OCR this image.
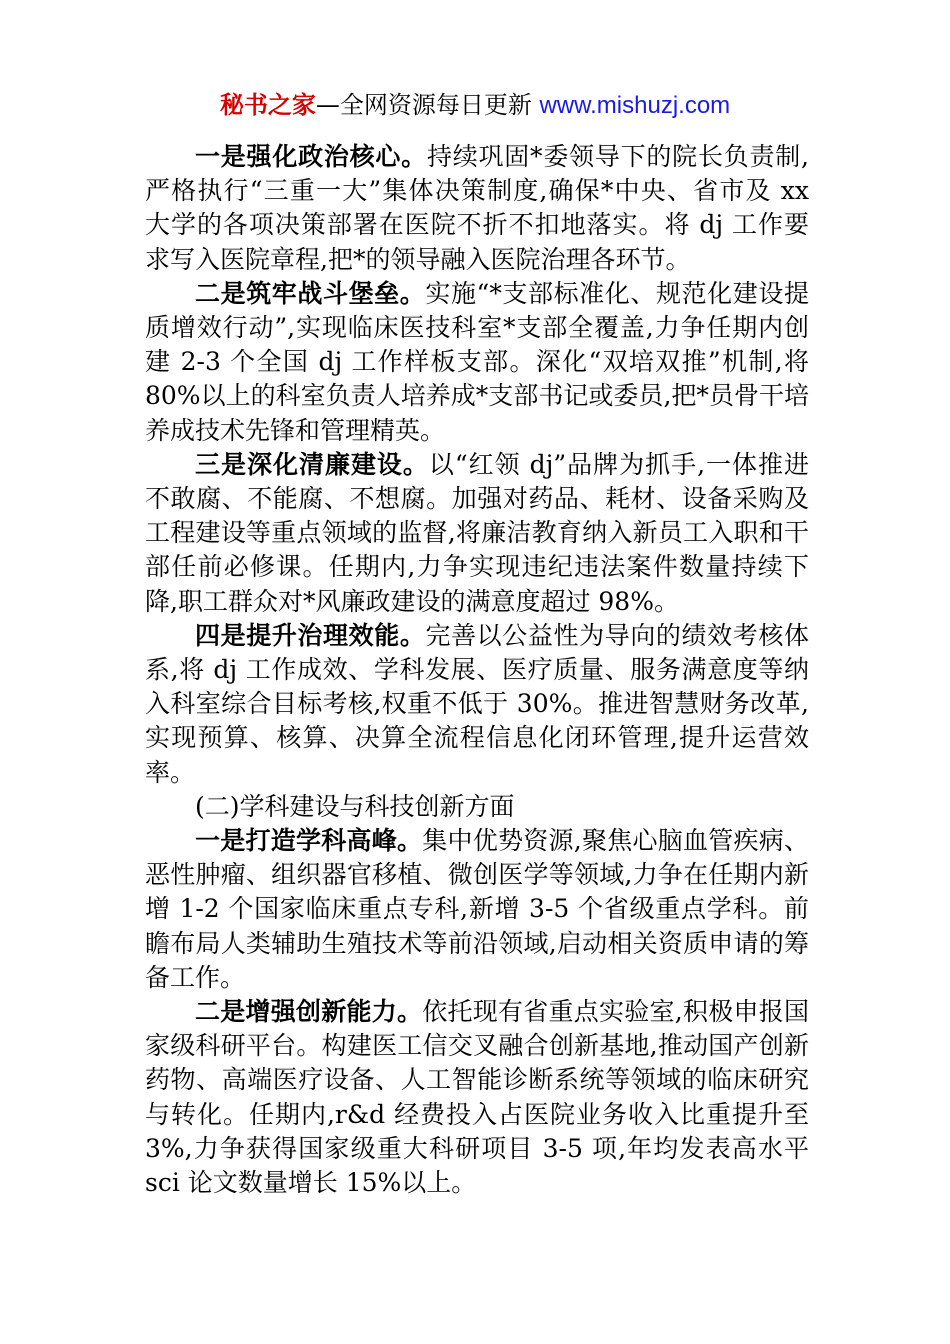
秘书之家—全网资源每日更新 www.mishuzj.com

一是强化政治核心。持续巩固*委领导下的院长负责制,严格执行“三重一大”集体决策制度,确保*中央、省市及 xx 大学的各项决策部署在医院不折不扣地落实。将 dj 工作要求写入医院章程,把*的领导融入医院治理各环节。

二是筑牢战斗堡垒。实施“*支部标准化、规范化建设提质增效行动”,实现临床医技科室*支部全覆盖,力争任期内创建 2-3 个全国 dj 工作样板支部。深化“双培双推”机制,将 80%以上的科室负责人培养成*支部书记或委员,把*员骨干培养成技术先锋和管理精英。

三是深化清廉建设。以“红领 dj”品牌为抓手,一体推进不敢腐、不能腐、不想腐。加强对药品、耗材、设备采购及工程建设等重点领域的监督,将廉洁教育纳入新员工入职和干部任前必修课。任期内,力争实现违纪违法案件数量持续下降,职工群众对*风廉政建设的满意度超过 98%。

四是提升治理效能。完善以公益性为导向的绩效考核体系,将 dj 工作成效、学科发展、医疗质量、服务满意度等纳入科室综合目标考核,权重不低于 30%。推进智慧财务改革,实现预算、核算、决算全流程信息化闭环管理,提升运营效率。

(二)学科建设与科技创新方面

一是打造学科高峰。集中优势资源,聚焦心脑血管疾病、恶性肿瘤、组织器官移植、微创医学等领域,力争在任期内新增 1-2 个国家临床重点专科,新增 3-5 个省级重点学科。前瞻布局人类辅助生殖技术等前沿领域,启动相关资质申请的筹备工作。

二是增强创新能力。依托现有省重点实验室,积极申报国家级科研平台。构建医工信交叉融合创新基地,推动国产创新药物、高端医疗设备、人工智能诊断系统等领域的临床研究与转化。任期内,r&d 经费投入占医院业务收入比重提升至 3%,力争获得国家级重大科研项目 3-5 项,年均发表高水平 sci 论文数量增长 15%以上。
